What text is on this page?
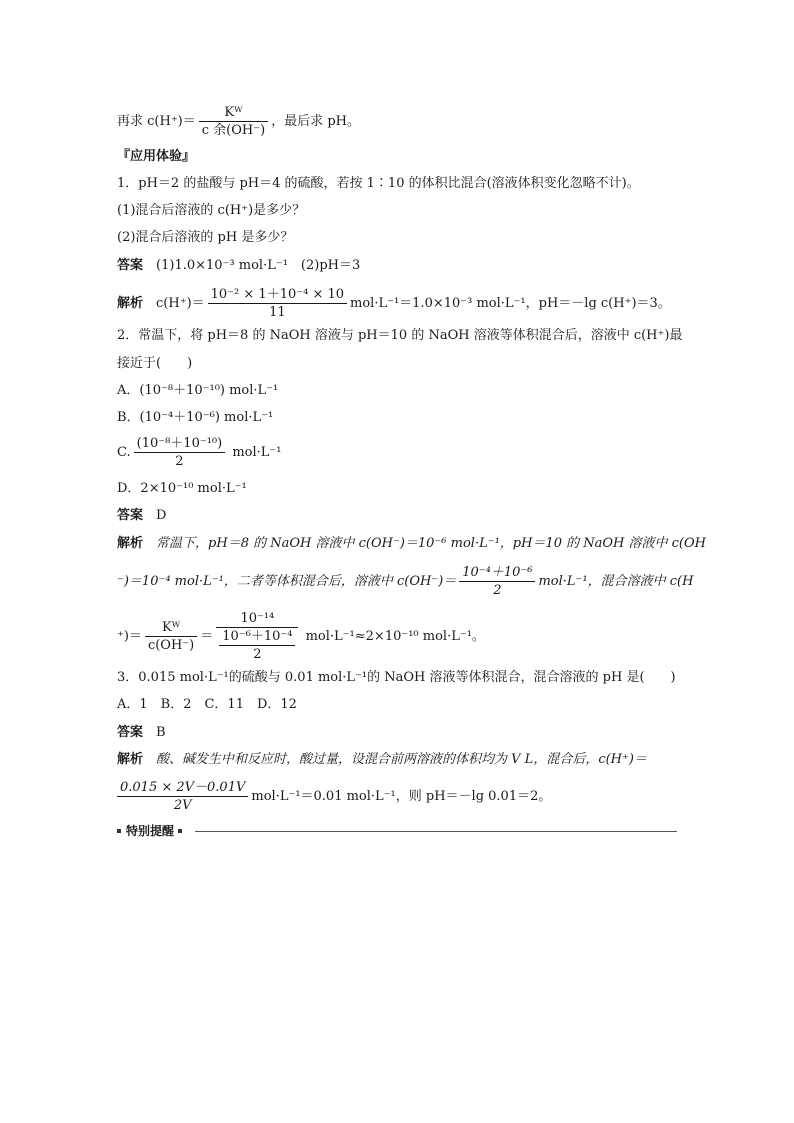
再求 $c(H^+)= \frac{\text{Kᵂ}}{\text{c 余(OH⁻)}}$ ，最后求 pH。
『应用体验』
1．pH＝2 的盐酸与 pH＝4 的硫酸，若按 1∶10 的体积比混合(溶液体积变化忽略不计)。
(1)混合后溶液的 c(H⁺)是多少？
(2)混合后溶液的 pH 是多少？
答案　 (1)1.0×10⁻³ mol·L⁻¹　(2)pH＝3
解析　 $c(H^+)= \frac{\text{10⁻² × 1＋10⁻⁴ × 10}}{11} mol\cdot L^{-1}=1.0\times 10^{-3}$ mol·L⁻¹，pH＝－lg c(H⁺)＝3。
2．常温下，将 pH＝8 的 NaOH 溶液与 pH＝10 的 NaOH 溶液等体积混合后，溶液中 c(H⁺)最
接近于(　　)
A．(10⁻⁸＋10⁻¹⁰) mol·L⁻¹
B．(10⁻⁴＋10⁻⁶) mol·L⁻¹
C. $\frac{\text{(10⁻⁸＋10⁻¹⁰)}}{2} mol\cdot L^{-1}$
D．2×10⁻¹⁰ mol·L⁻¹
答案　 D
解析　 常温下，pH＝8 的 NaOH 溶液中 c(OH⁻)＝10⁻⁶ mol·L⁻¹，pH＝10 的 NaOH 溶液中 c(OH
⁻)＝10⁻⁴ mol·L⁻¹，二者等体积混合后，溶液中 $c(OH^-)= \frac{\text{10⁻⁴＋10⁻⁶}}{2} mol\cdot L^{-1}$，混合溶液中 c(H
⁺)＝ $\frac{\text{Kᵂ}}{c(OH^-)} = \frac{\text{10⁻¹⁴}}{\frac{\text{10⁻⁶＋10⁻⁴}}{2}} mol\cdot L^{-1}\approx 2\times 10^{-10}$ mol·L⁻¹。
3．0.015 mol·L⁻¹的硫酸与 0.01 mol·L⁻¹的 NaOH 溶液等体积混合，混合溶液的 pH 是(　　)
A．1　B．2　C．11　D．12
答案　 B
解析　 酸、碱发生中和反应时，酸过量，设混合前两溶液的体积均为 V L，混合后，c(H⁺)＝
$\frac{0.015 \times 2V-0.01V}{2V} mol\cdot L^{-1}=0.01$ mol·L⁻¹，则 pH＝－lg 0.01＝2。
特别提醒
